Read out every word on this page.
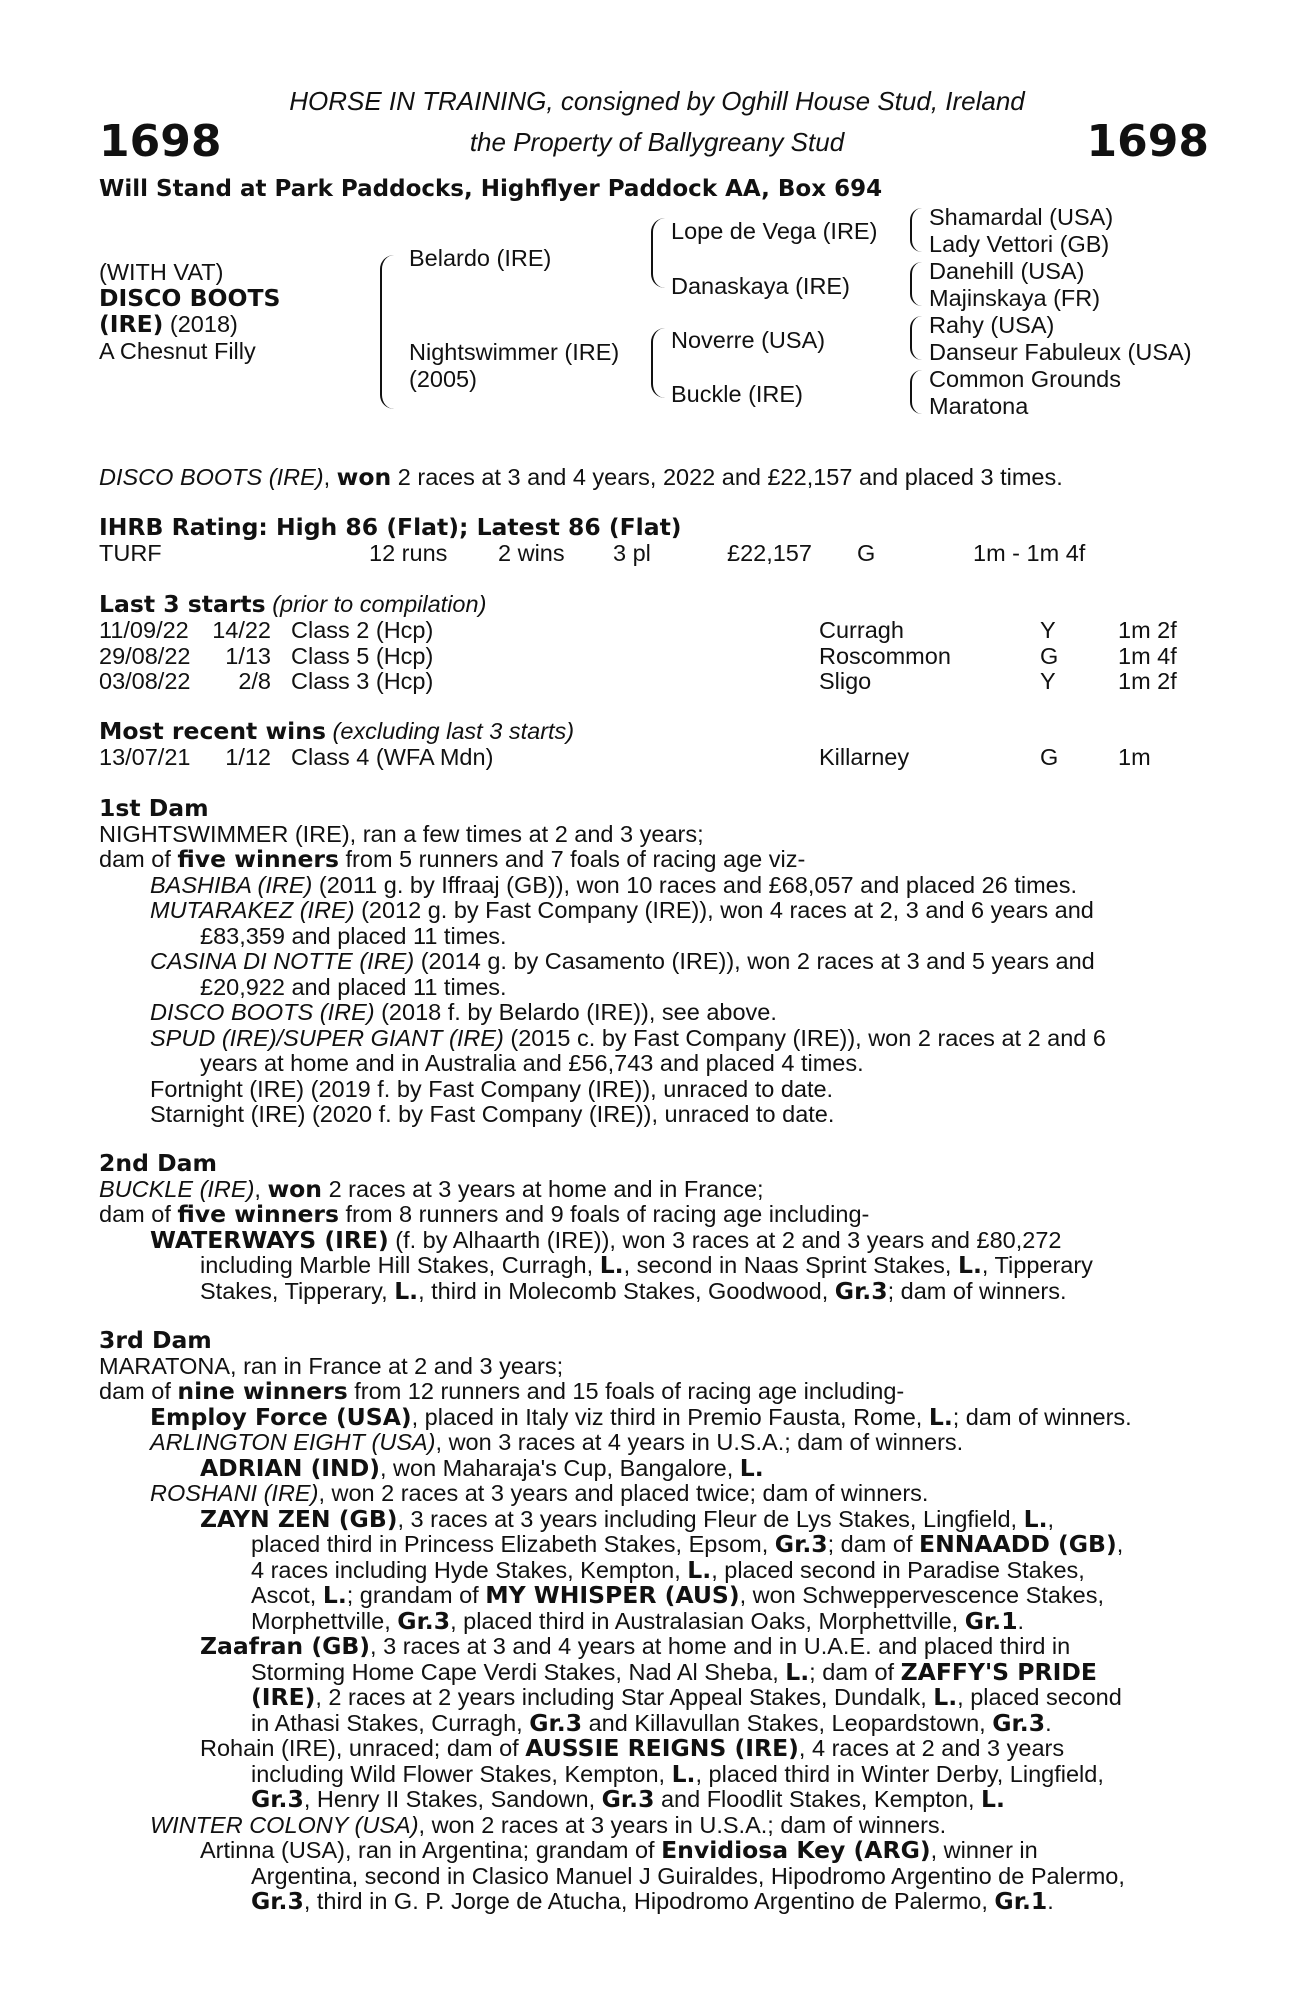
1698	1698
HORSE IN TRAINING, consigned by Oghill House Stud, Ireland
the Property of Ballygreany Stud
Will Stand at Park Paddocks, Highflyer Paddock AA, Box 694
(WITH VAT)
DISCO BOOTS
(IRE) (2018)
A Chesnut Filly
Belardo (IRE)
Nightswimmer (IRE)
(2005)
Lope de Vega (IRE)
Danaskaya (IRE)
Noverre (USA)
Buckle (IRE)
Shamardal (USA)
Lady Vettori (GB)
Danehill (USA)
Majinskaya (FR)
Rahy (USA)
Danseur Fabuleux (USA)
Common Grounds
Maratona
DISCO BOOTS (IRE), won 2 races at 3 and 4 years, 2022 and £22,157 and placed 3 times.
IHRB Rating: High 86 (Flat); Latest 86 (Flat)
TURF	12 runs 2 wins 3 pl	£22,157 G	1m - 1m 4f
Last 3 starts (prior to compilation)
11/09/22 14/22 Class 2 (Hcp)	Curragh	Y	1m 2f
29/08/22	1/13 Class 5 (Hcp)	Roscommon	G	1m 4f
03/08/22	2/8 Class 3 (Hcp)	Sligo	Y	1m 2f
Most recent wins (excluding last 3 starts)
13/07/21	1/12 Class 4 (WFA Mdn)	Killarney	G	1m
1st Dam
NIGHTSWIMMER (IRE), ran a few times at 2 and 3 years;
dam of five winners from 5 runners and 7 foals of racing age viz-
BASHIBA (IRE) (2011 g. by Iffraaj (GB)), won 10 races and £68,057 and placed 26 times.
MUTARAKEZ (IRE) (2012 g. by Fast Company (IRE)), won 4 races at 2, 3 and 6 years and
£83,359 and placed 11 times.
CASINA DI NOTTE (IRE) (2014 g. by Casamento (IRE)), won 2 races at 3 and 5 years and
£20,922 and placed 11 times.
DISCO BOOTS (IRE) (2018 f. by Belardo (IRE)), see above.
SPUD (IRE)/SUPER GIANT (IRE) (2015 c. by Fast Company (IRE)), won 2 races at 2 and 6
years at home and in Australia and £56,743 and placed 4 times.
Fortnight (IRE) (2019 f. by Fast Company (IRE)), unraced to date.
Starnight (IRE) (2020 f. by Fast Company (IRE)), unraced to date.
2nd Dam
BUCKLE (IRE), won 2 races at 3 years at home and in France;
dam of five winners from 8 runners and 9 foals of racing age including-
WATERWAYS (IRE) (f. by Alhaarth (IRE)), won 3 races at 2 and 3 years and £80,272
including Marble Hill Stakes, Curragh, L., second in Naas Sprint Stakes, L., Tipperary
Stakes, Tipperary, L., third in Molecomb Stakes, Goodwood, Gr.3; dam of winners.
3rd Dam
MARATONA, ran in France at 2 and 3 years;
dam of nine winners from 12 runners and 15 foals of racing age including-
Employ Force (USA), placed in Italy viz third in Premio Fausta, Rome, L.; dam of winners.
ARLINGTON EIGHT (USA), won 3 races at 4 years in U.S.A.; dam of winners.
ADRIAN (IND), won Maharaja's Cup, Bangalore, L.
ROSHANI (IRE), won 2 races at 3 years and placed twice; dam of winners.
ZAYN ZEN (GB), 3 races at 3 years including Fleur de Lys Stakes, Lingfield, L.,
placed third in Princess Elizabeth Stakes, Epsom, Gr.3; dam of ENNAADD (GB),
4 races including Hyde Stakes, Kempton, L., placed second in Paradise Stakes,
Ascot, L.; grandam of MY WHISPER (AUS), won Schweppervescence Stakes,
Morphettville, Gr.3, placed third in Australasian Oaks, Morphettville, Gr.1.
Zaafran (GB), 3 races at 3 and 4 years at home and in U.A.E. and placed third in
Storming Home Cape Verdi Stakes, Nad Al Sheba, L.; dam of ZAFFY'S PRIDE
(IRE), 2 races at 2 years including Star Appeal Stakes, Dundalk, L., placed second
in Athasi Stakes, Curragh, Gr.3 and Killavullan Stakes, Leopardstown, Gr.3.
Rohain (IRE), unraced; dam of AUSSIE REIGNS (IRE), 4 races at 2 and 3 years
including Wild Flower Stakes, Kempton, L., placed third in Winter Derby, Lingfield,
Gr.3, Henry II Stakes, Sandown, Gr.3 and Floodlit Stakes, Kempton, L.
WINTER COLONY (USA), won 2 races at 3 years in U.S.A.; dam of winners.
Artinna (USA), ran in Argentina; grandam of Envidiosa Key (ARG), winner in
Argentina, second in Clasico Manuel J Guiraldes, Hipodromo Argentino de Palermo,
Gr.3, third in G. P. Jorge de Atucha, Hipodromo Argentino de Palermo, Gr.1.
